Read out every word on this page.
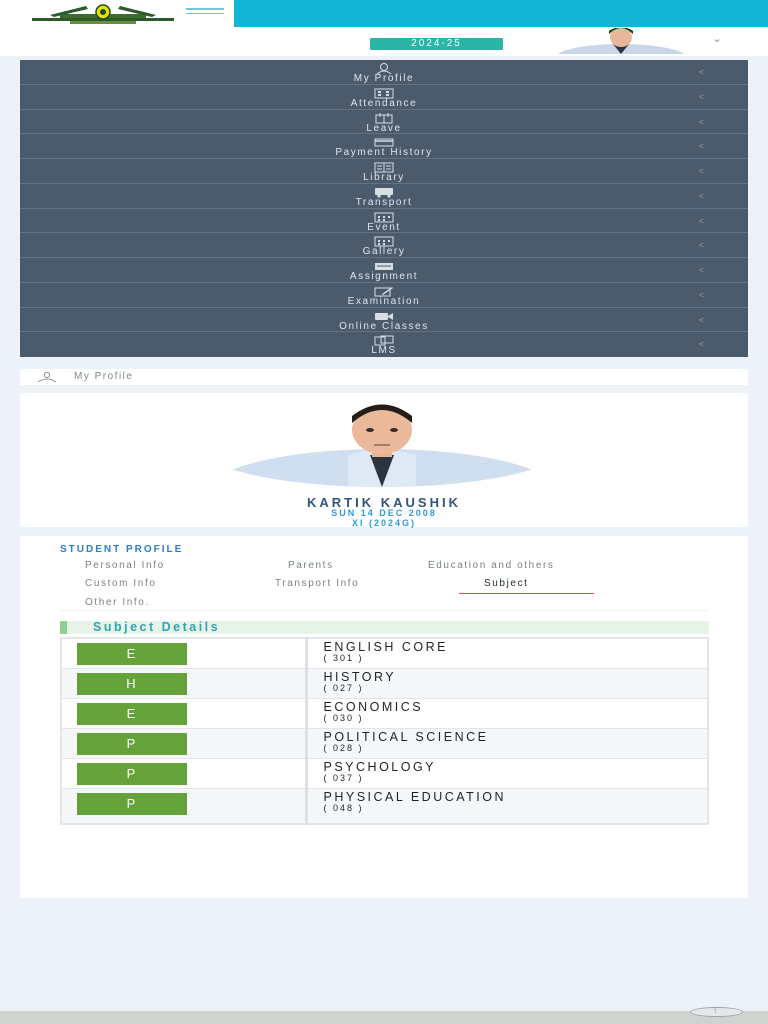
2024-25	⌄
My Profile
<
Attendance
<
Leave
<
Payment History
<
Library
<
Transport
<
Event
<
Gallery
<
Assignment
<
Examination
<
Online Classes
<
LMS
<
My Profile
KARTIK KAUSHIK
SUN 14 DEC 2008
XI (2024G)
STUDENT PROFILE
Personal Info	Parents	Education and others
Custom Info	Transport Info	Subject
Other Info.
Subject Details
E	ENGLISH CORE
( 301 )

H	HISTORY
( 027 )

E	ECONOMICS
( 030 )

P	POLITICAL SCIENCE
( 028 )

P	PSYCHOLOGY
( 037 )

P	PHYSICAL EDUCATION
( 048 )
↑
